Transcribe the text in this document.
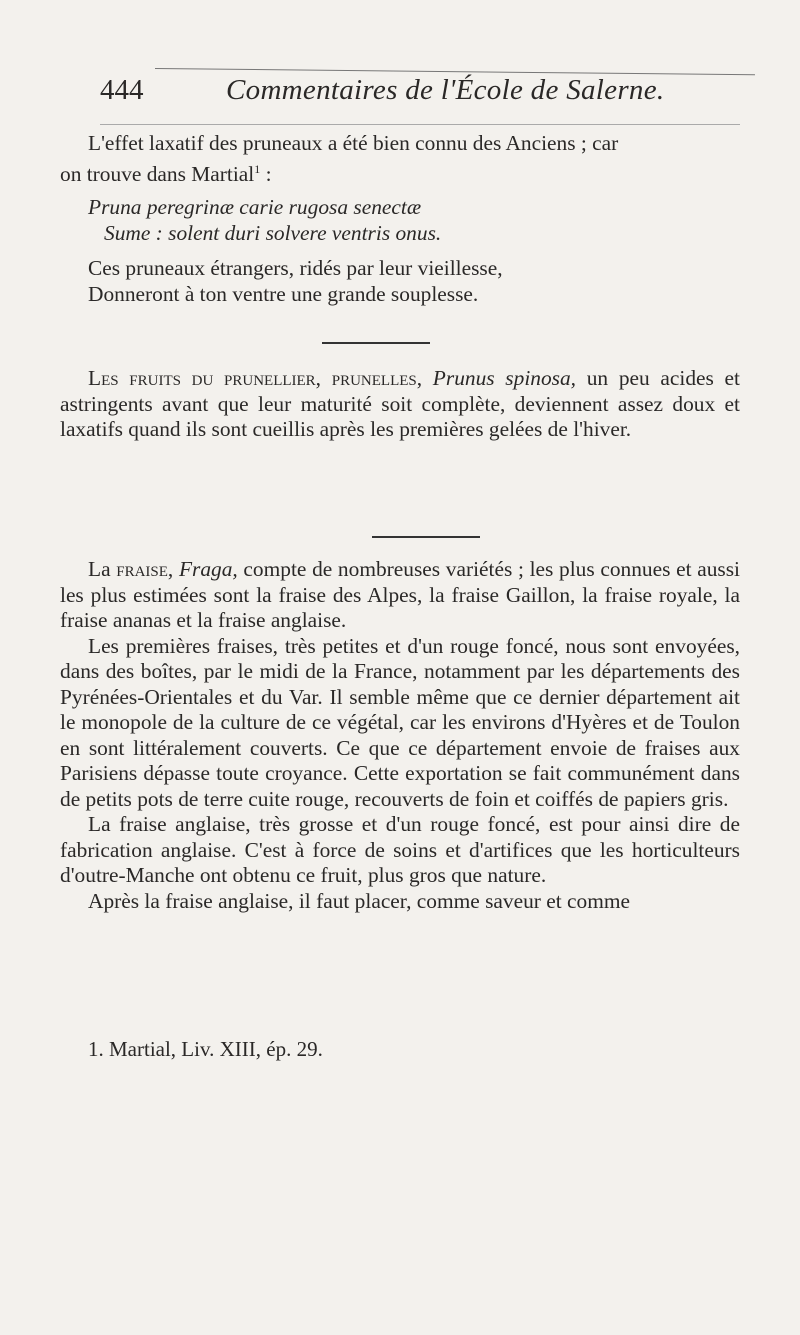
444	Commentaires de l'École de Salerne.

L'effet laxatif des pruneaux a été bien connu des Anciens ; car

on trouve dans Martial$^1$ :

Pruna peregrinæ carie rugosa senectæ

Sume : solent duri solvere ventris onus.

Ces pruneaux étrangers, ridés par leur vieillesse,

Donneront à ton ventre une grande souplesse.

Les fruits du prunellier, prunelles, Prunus spinosa, un peu acides et astringents avant que leur maturité soit complète, deviennent assez doux et laxatifs quand ils sont cueillis après les premières gelées de l'hiver.

La fraise, Fraga, compte de nombreuses variétés ; les plus connues et aussi les plus estimées sont la fraise des Alpes, la fraise Gaillon, la fraise royale, la fraise ananas et la fraise anglaise.

Les premières fraises, très petites et d'un rouge foncé, nous sont envoyées, dans des boîtes, par le midi de la France, notamment par les départements des Pyrénées-Orientales et du Var. Il semble même que ce dernier département ait le monopole de la culture de ce végétal, car les environs d'Hyères et de Toulon en sont littéralement couverts. Ce que ce département envoie de fraises aux Parisiens dépasse toute croyance. Cette exportation se fait communément dans de petits pots de terre cuite rouge, recouverts de foin et coiffés de papiers gris.

La fraise anglaise, très grosse et d'un rouge foncé, est pour ainsi dire de fabrication anglaise. C'est à force de soins et d'artifices que les horticulteurs d'outre-Manche ont obtenu ce fruit, plus gros que nature.

Après la fraise anglaise, il faut placer, comme saveur et comme

1. Martial, Liv. XIII, ép. 29.
